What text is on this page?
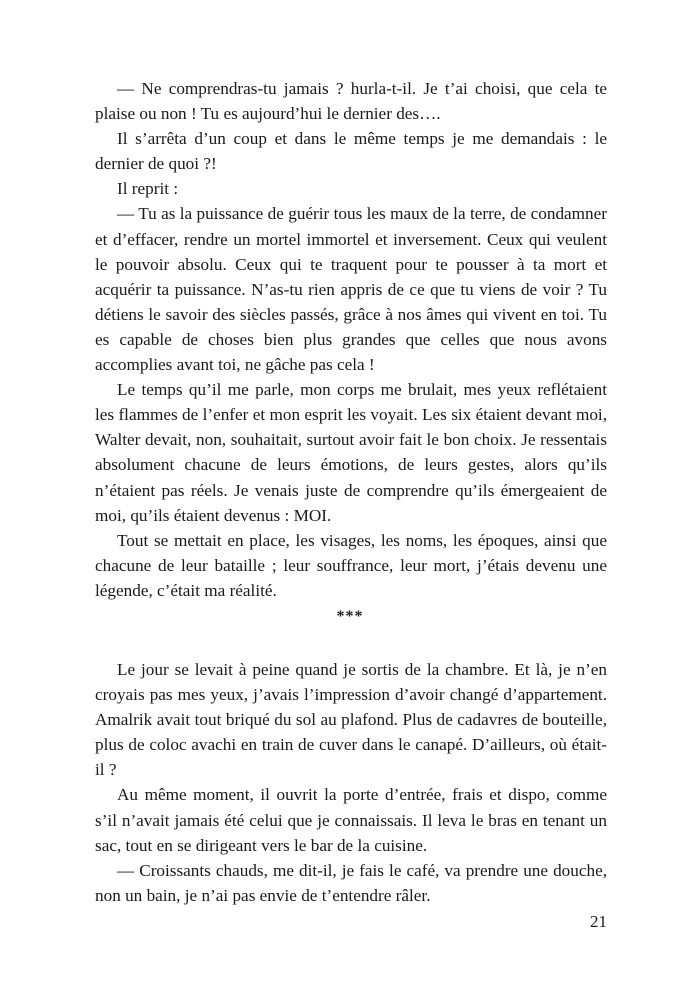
— Ne comprendras-tu jamais ? hurla-t-il. Je t’ai choisi, que cela te plaise ou non ! Tu es aujourd’hui le dernier des….

Il s’arrêta d’un coup et dans le même temps je me demandais : le dernier de quoi ?!

Il reprit :

— Tu as la puissance de guérir tous les maux de la terre, de condamner et d’effacer, rendre un mortel immortel et inversement. Ceux qui veulent le pouvoir absolu. Ceux qui te traquent pour te pousser à ta mort et acquérir ta puissance. N’as-tu rien appris de ce que tu viens de voir ? Tu détiens le savoir des siècles passés, grâce à nos âmes qui vivent en toi. Tu es capable de choses bien plus grandes que celles que nous avons accomplies avant toi, ne gâche pas cela !

Le temps qu’il me parle, mon corps me brulait, mes yeux reflétaient les flammes de l’enfer et mon esprit les voyait. Les six étaient devant moi, Walter devait, non, souhaitait, surtout avoir fait le bon choix. Je ressentais absolument chacune de leurs émotions, de leurs gestes, alors qu’ils n’étaient pas réels. Je venais juste de comprendre qu’ils émergeaient de moi, qu’ils étaient devenus : MOI.

Tout se mettait en place, les visages, les noms, les époques, ainsi que chacune de leur bataille ; leur souffrance, leur mort, j’étais devenu une légende, c’était ma réalité.

***

Le jour se levait à peine quand je sortis de la chambre. Et là, je n’en croyais pas mes yeux, j’avais l’impression d’avoir changé d’appartement. Amalrik avait tout briqué du sol au plafond. Plus de cadavres de bouteille, plus de coloc avachi en train de cuver dans le canapé. D’ailleurs, où était-il ?

Au même moment, il ouvrit la porte d’entrée, frais et dispo, comme s’il n’avait jamais été celui que je connaissais. Il leva le bras en tenant un sac, tout en se dirigeant vers le bar de la cuisine.

— Croissants chauds, me dit-il, je fais le café, va prendre une douche, non un bain, je n’ai pas envie de t’entendre râler.

21
